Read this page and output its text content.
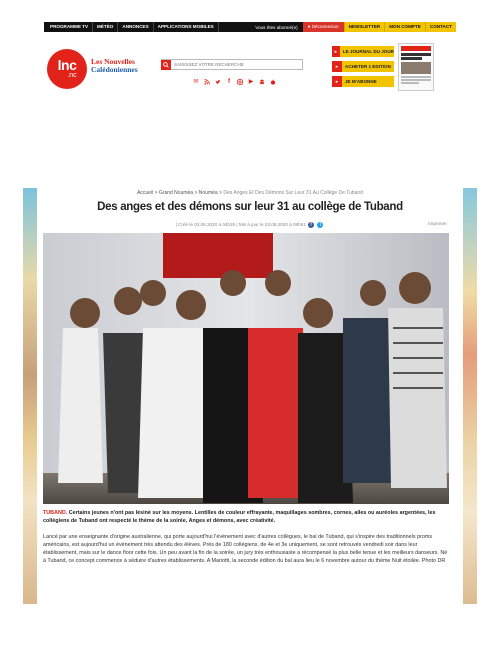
PROGRAMME TV	MÉTÉO	ANNONCES	APPLICATIONS MOBILES	Vous êtes abonné(e)	● Déconnexion	NEWSLETTER	MON COMPTE	CONTACT
lnc
.nc
Les Nouvelles
Calédoniennes
SAISISSEZ VOTRE RECHERCHE
✉	f	▶
▸	LE JOURNAL DU JOUR
▸	ACHETER 1 EDITION
▸	JE M'ABONNE
Accueil > Grand Nouméa > Nouméa > Des Anges Et Des Démons Sur Leur 31 Au Collège De Tuband
Des anges et des démons sur leur 31 au collège de Tuband
| Créé le 03.08.2020 à 04h25 | Mis à jour le 03.08.2020 à 08h51 f t	Imprimer

TUBAND. Certains jeunes n'ont pas lésiné sur les moyens. Lentilles de couleur effrayante, maquillages sombres, cornes, ailes ou auréoles argentées, les collégiens de Tuband ont respecté le thème de la soirée, Anges et démons, avec créativité.

Lancé par une enseignante d'origine australienne, qui porte aujourd'hui l'évènement avec d'autres collègues, le bal de Tuband, qui s'inspire des traditionnels proms américains, est aujourd'hui un évènement très attendu des élèves. Près de 180 collégiens, de 4e et 3e uniquement, se sont retrouvés vendredi soir dans leur établissement, mais sur le dance floor cette fois. Un peu avant la fin de la soirée, un jury très enthousiaste a récompensé la plus belle tenue et les meilleurs danseurs. Né à Tuband, ce concept commence à séduire d'autres établissements. A Mariotti, la seconde édition du bal aura lieu le 6 novembre autour du thème Nuit étoilée. Photo DR
